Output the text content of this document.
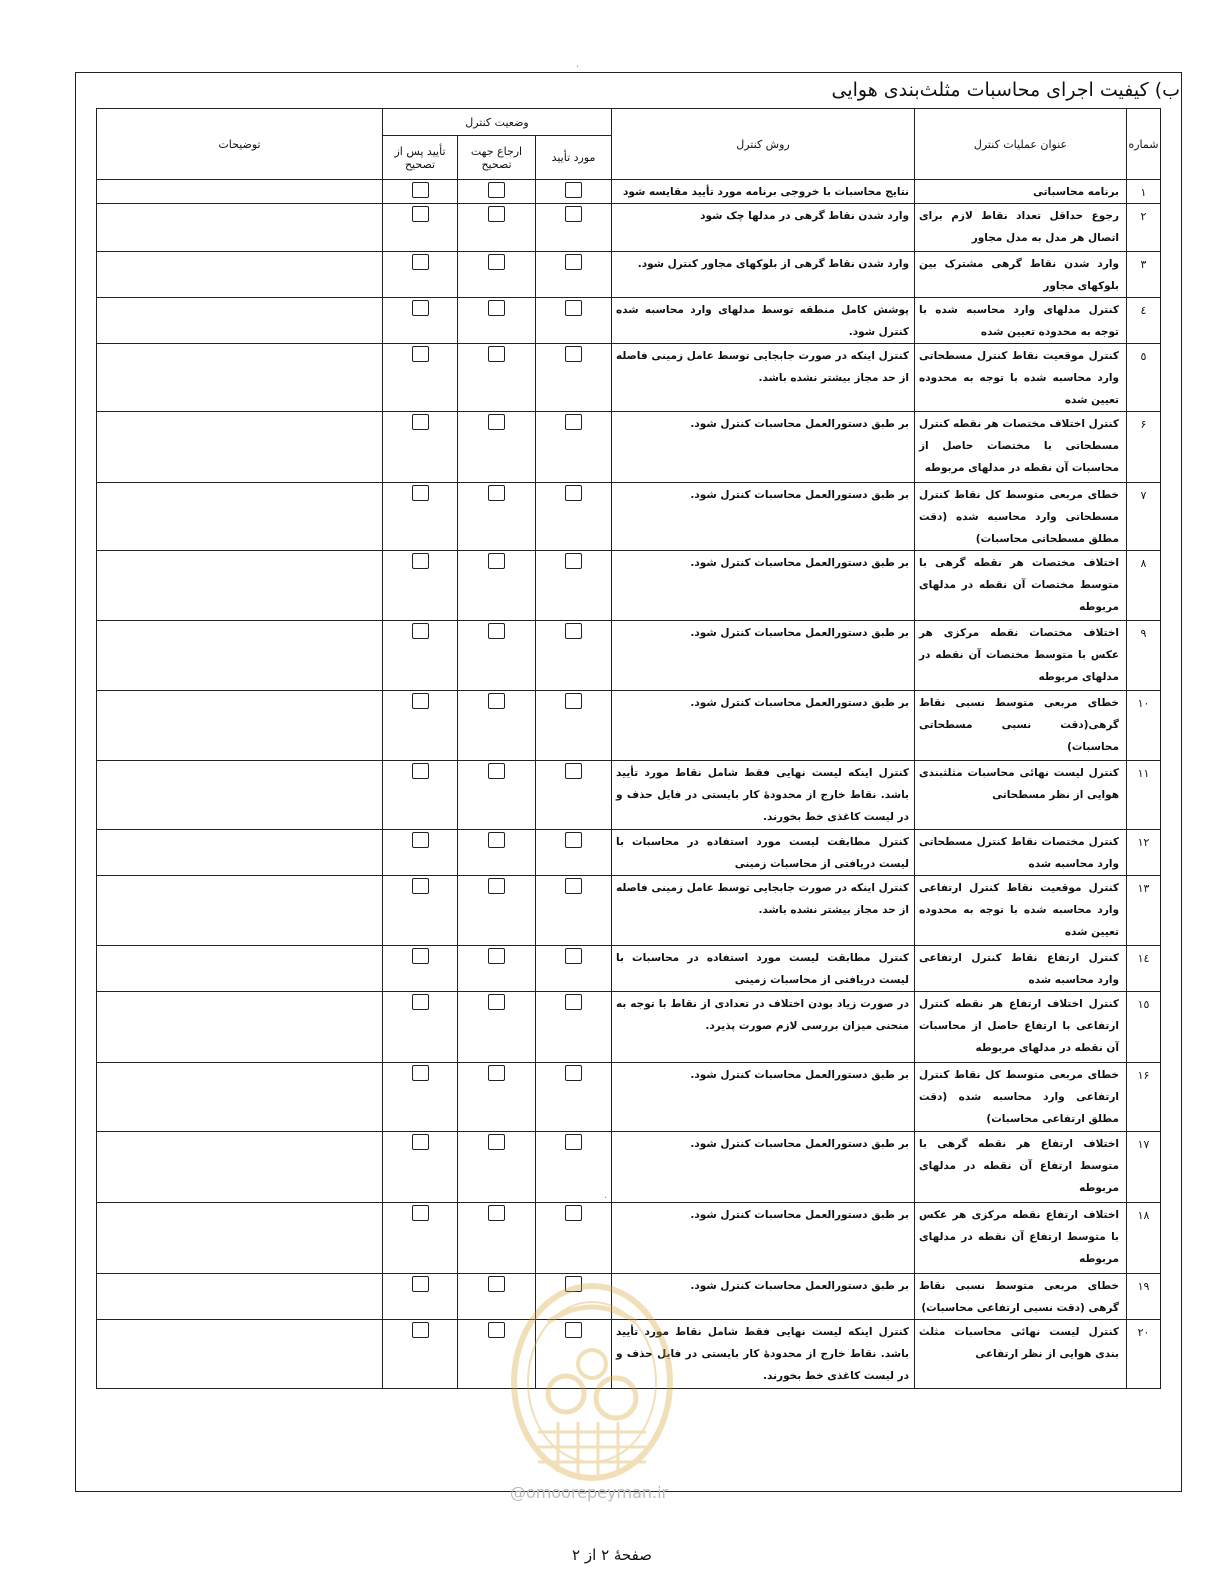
ب) کیفیت اجرای محاسبات مثلث‌بندی هوایی
شماره	عنوان عملیات کنترل	روش کنترل	وضعیت کنترل			توضیحات
			مورد تأیید	ارجاع جهت تصحیح	تأیید پس از تصحیح	
۱	برنامه محاسباتی	نتایج محاسبات با خروجی برنامه مورد تأیید مقایسه شود				
۲	رجوع حداقل تعداد نقاط لازم برای اتصال هر مدل به مدل مجاور	وارد شدن نقاط گرهی در مدلها چک شود				
۳	وارد شدن نقاط گرهی مشترک بین بلوکهای مجاور	وارد شدن نقاط گرهی از بلوکهای مجاور کنترل شود.				
٤	کنترل مدلهای وارد محاسبه شده با توجه به محدوده تعیین شده	پوشش کامل منطقه توسط مدلهای وارد محاسبه شده کنترل شود.				
٥	کنترل موقعیت نقاط کنترل مسطحاتی وارد محاسبه شده با توجه به محدوده تعیین شده	کنترل اینکه در صورت جابجایی توسط عامل زمینی فاصله از حد مجاز بیشتر نشده باشد.				
۶	کنترل اختلاف مختصات هر نقطه کنترل مسطحاتی با مختصات حاصل از محاسبات آن نقطه در مدلهای مربوطه	بر طبق دستورالعمل محاسبات کنترل شود.				
۷	خطای مربعی متوسط کل نقاط کنترل مسطحاتی وارد محاسبه شده (دقت مطلق مسطحاتی محاسبات)	بر طبق دستورالعمل محاسبات کنترل شود.				
۸	اختلاف مختصات هر نقطه گرهی با متوسط مختصات آن نقطه در مدلهای مربوطه	بر طبق دستورالعمل محاسبات کنترل شود.				
۹	اختلاف مختصات نقطه مرکزی هر عکس با متوسط مختصات آن نقطه در مدلهای مربوطه	بر طبق دستورالعمل محاسبات کنترل شود.				
۱۰	خطای مربعی متوسط نسبی نقاط گرهی(دقت نسبی مسطحاتی محاسبات)	بر طبق دستورالعمل محاسبات کنترل شود.				
۱۱	کنترل لیست نهائی محاسبات مثلثبندی هوایی از نظر مسطحاتی	کنترل اینکه لیست نهایی فقط شامل نقاط مورد تأیید باشد. نقاط خارج از محدودهٔ کار بایستی در فایل حذف و در لیست کاغذی خط بخورند.				
۱۲	کنترل مختصات نقاط کنترل مسطحاتی وارد محاسبه شده	کنترل مطابقت لیست مورد استفاده در محاسبات با لیست دریافتی از محاسبات زمینی				
۱۳	کنترل موقعیت نقاط کنترل ارتفاعی وارد محاسبه شده با توجه به محدوده تعیین شده	کنترل اینکه در صورت جابجایی توسط عامل زمینی فاصله از حد مجاز بیشتر نشده باشد.				
١٤	کنترل ارتفاع نقاط کنترل ارتفاعی وارد محاسبه شده	کنترل مطابقت لیست مورد استفاده در محاسبات با لیست دریافتی از محاسبات زمینی				
١٥	کنترل اختلاف ارتفاع هر نقطه کنترل ارتفاعی با ارتفاع حاصل از محاسبات آن نقطه در مدلهای مربوطه	در صورت زیاد بودن اختلاف در تعدادی از نقاط با توجه به منحنی میزان بررسی لازم صورت پذیرد.				
۱۶	خطای مربعی متوسط کل نقاط کنترل ارتفاعی وارد محاسبه شده (دقت مطلق ارتفاعی محاسبات)	بر طبق دستورالعمل محاسبات کنترل شود.				
۱۷	اختلاف ارتفاع هر نقطه گرهی با متوسط ارتفاع آن نقطه در مدلهای مربوطه	بر طبق دستورالعمل محاسبات کنترل شود.				
۱۸	اختلاف ارتفاع نقطه مرکزی هر عکس با متوسط ارتفاع آن نقطه در مدلهای مربوطه	بر طبق دستورالعمل محاسبات کنترل شود.				
۱۹	خطای مربعی متوسط نسبی نقاط گرهی (دقت نسبی ارتفاعی محاسبات)	بر طبق دستورالعمل محاسبات کنترل شود.				
۲۰	کنترل لیست نهائی محاسبات مثلث بندی هوایی از نظر ارتفاعی	کنترل اینکه لیست نهایی فقط شامل نقاط مورد تأیید باشد. نقاط خارج از محدودهٔ کار بایستی در فایل حذف و در لیست کاغذی خط بخورند.				
@omoorepeyman.ir
صفحهٔ ۲ از ۲
·
·
